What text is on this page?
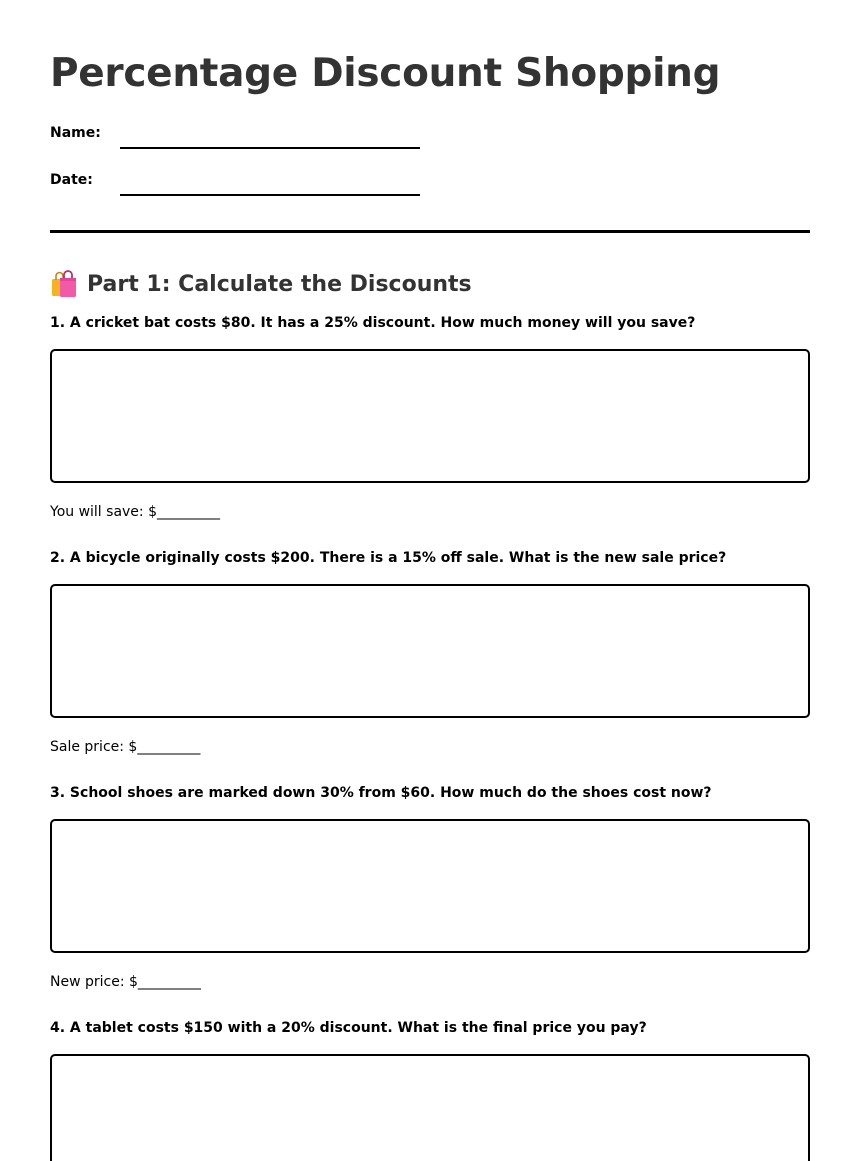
Percentage Discount Shopping
Name:
Date:
Part 1: Calculate the Discounts

1. A cricket bat costs $80. It has a 25% discount. How much money will you save?

You will save: $_________

2. A bicycle originally costs $200. There is a 15% off sale. What is the new sale price?

Sale price: $_________

3. School shoes are marked down 30% from $60. How much do the shoes cost now?

New price: $_________

4. A tablet costs $150 with a 20% discount. What is the final price you pay?
